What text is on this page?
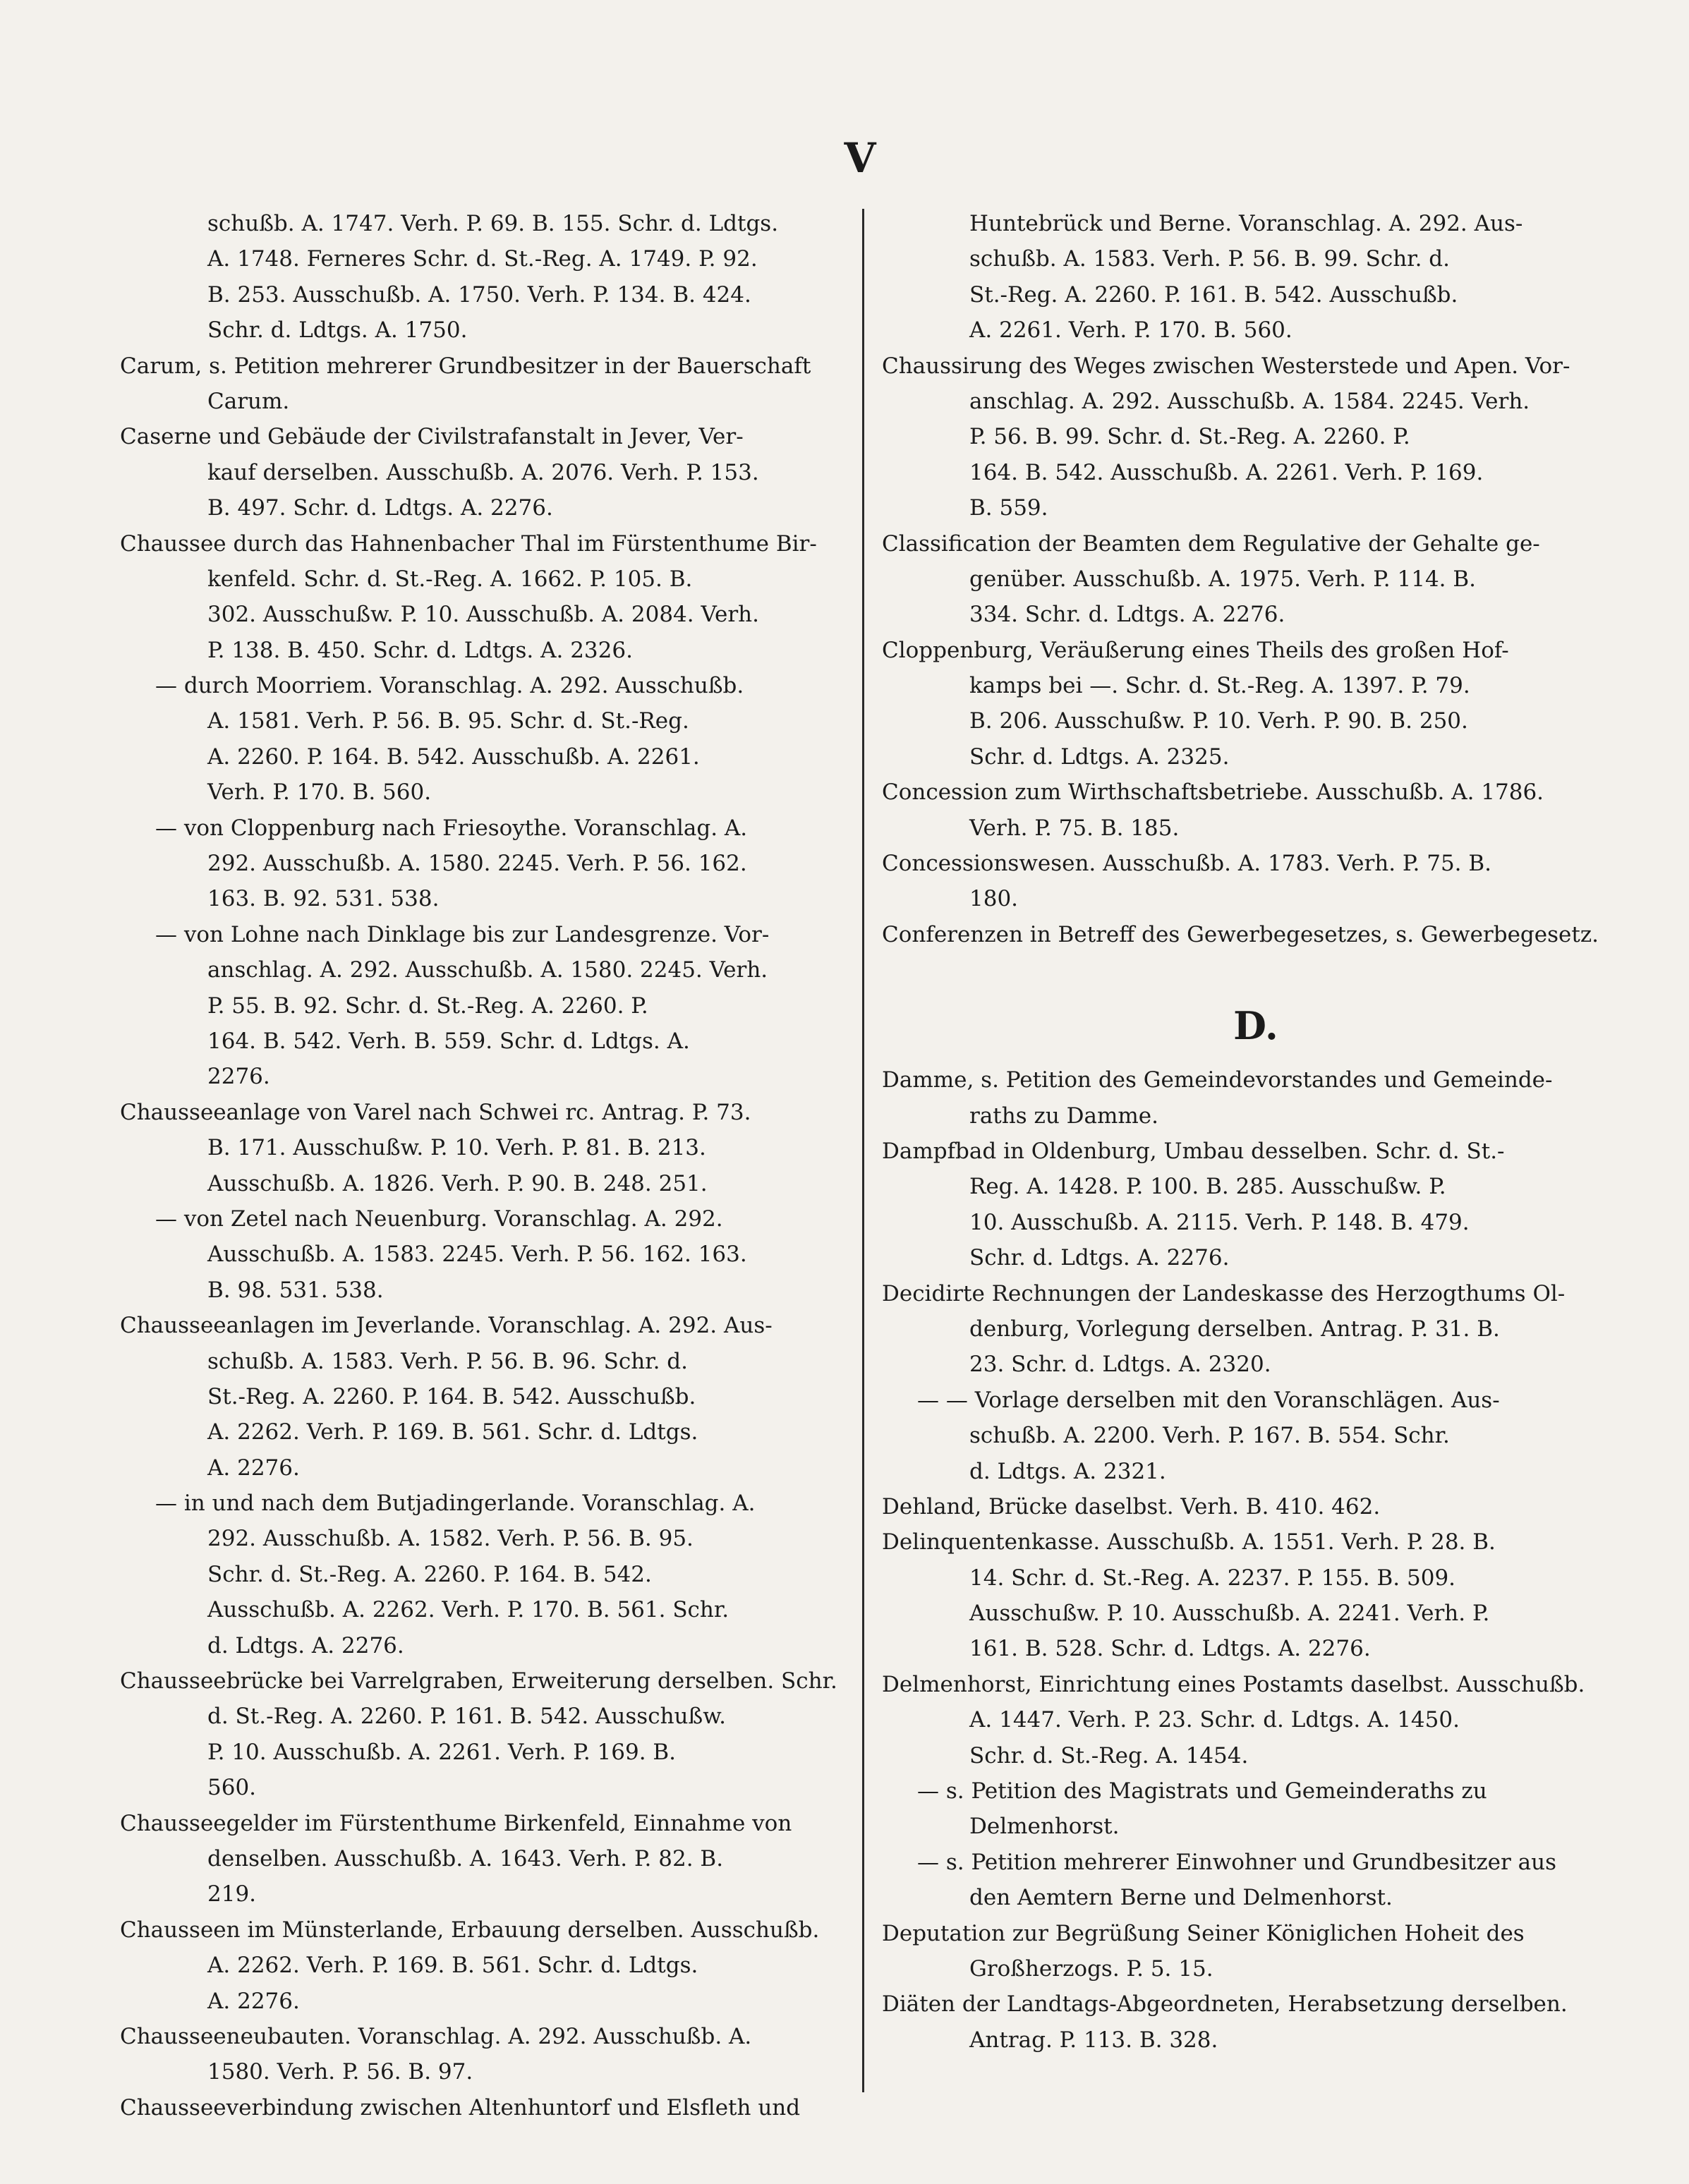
V
schußb. A. 1747. Verh. P. 69. B. 155. Schr. d. Ldtgs.
A. 1748. Ferneres Schr. d. St.-Reg. A. 1749. P. 92.
B. 253. Ausschußb. A. 1750. Verh. P. 134. B. 424.
Schr. d. Ldtgs. A. 1750.
Carum, s. Petition mehrerer Grundbesitzer in der Bauerschaft
Carum.
Caserne und Gebäude der Civilstrafanstalt in Jever, Ver-
kauf derselben. Ausschußb. A. 2076. Verh. P. 153.
B. 497. Schr. d. Ldtgs. A. 2276.
Chaussee durch das Hahnenbacher Thal im Fürstenthume Bir-
kenfeld. Schr. d. St.-Reg. A. 1662. P. 105. B.
302. Ausschußw. P. 10. Ausschußb. A. 2084. Verh.
P. 138. B. 450. Schr. d. Ldtgs. A. 2326.
— durch Moorriem. Voranschlag. A. 292. Ausschußb.
A. 1581. Verh. P. 56. B. 95. Schr. d. St.-Reg.
A. 2260. P. 164. B. 542. Ausschußb. A. 2261.
Verh. P. 170. B. 560.
— von Cloppenburg nach Friesoythe. Voranschlag. A.
292. Ausschußb. A. 1580. 2245. Verh. P. 56. 162.
163. B. 92. 531. 538.
— von Lohne nach Dinklage bis zur Landesgrenze. Vor-
anschlag. A. 292. Ausschußb. A. 1580. 2245. Verh.
P. 55. B. 92. Schr. d. St.-Reg. A. 2260. P.
164. B. 542. Verh. B. 559. Schr. d. Ldtgs. A.
2276.
Chausseeanlage von Varel nach Schwei rc. Antrag. P. 73.
B. 171. Ausschußw. P. 10. Verh. P. 81. B. 213.
Ausschußb. A. 1826. Verh. P. 90. B. 248. 251.
— von Zetel nach Neuenburg. Voranschlag. A. 292.
Ausschußb. A. 1583. 2245. Verh. P. 56. 162. 163.
B. 98. 531. 538.
Chausseeanlagen im Jeverlande. Voranschlag. A. 292. Aus-
schußb. A. 1583. Verh. P. 56. B. 96. Schr. d.
St.-Reg. A. 2260. P. 164. B. 542. Ausschußb.
A. 2262. Verh. P. 169. B. 561. Schr. d. Ldtgs.
A. 2276.
— in und nach dem Butjadingerlande. Voranschlag. A.
292. Ausschußb. A. 1582. Verh. P. 56. B. 95.
Schr. d. St.-Reg. A. 2260. P. 164. B. 542.
Ausschußb. A. 2262. Verh. P. 170. B. 561. Schr.
d. Ldtgs. A. 2276.
Chausseebrücke bei Varrelgraben, Erweiterung derselben. Schr.
d. St.-Reg. A. 2260. P. 161. B. 542. Ausschußw.
P. 10. Ausschußb. A. 2261. Verh. P. 169. B.
560.
Chausseegelder im Fürstenthume Birkenfeld, Einnahme von
denselben. Ausschußb. A. 1643. Verh. P. 82. B.
219.
Chausseen im Münsterlande, Erbauung derselben. Ausschußb.
A. 2262. Verh. P. 169. B. 561. Schr. d. Ldtgs.
A. 2276.
Chausseeneubauten. Voranschlag. A. 292. Ausschußb. A.
1580. Verh. P. 56. B. 97.
Chausseeverbindung zwischen Altenhuntorf und Elsfleth und
Huntebrück und Berne. Voranschlag. A. 292. Aus-
schußb. A. 1583. Verh. P. 56. B. 99. Schr. d.
St.-Reg. A. 2260. P. 161. B. 542. Ausschußb.
A. 2261. Verh. P. 170. B. 560.
Chaussirung des Weges zwischen Westerstede und Apen. Vor-
anschlag. A. 292. Ausschußb. A. 1584. 2245. Verh.
P. 56. B. 99. Schr. d. St.-Reg. A. 2260. P.
164. B. 542. Ausschußb. A. 2261. Verh. P. 169.
B. 559.
Classification der Beamten dem Regulative der Gehalte ge-
genüber. Ausschußb. A. 1975. Verh. P. 114. B.
334. Schr. d. Ldtgs. A. 2276.
Cloppenburg, Veräußerung eines Theils des großen Hof-
kamps bei —. Schr. d. St.-Reg. A. 1397. P. 79.
B. 206. Ausschußw. P. 10. Verh. P. 90. B. 250.
Schr. d. Ldtgs. A. 2325.
Concession zum Wirthschaftsbetriebe. Ausschußb. A. 1786.
Verh. P. 75. B. 185.
Concessionswesen. Ausschußb. A. 1783. Verh. P. 75. B.
180.
Conferenzen in Betreff des Gewerbegesetzes, s. Gewerbegesetz.
D.
Damme, s. Petition des Gemeindevorstandes und Gemeinde-
raths zu Damme.
Dampfbad in Oldenburg, Umbau desselben. Schr. d. St.-
Reg. A. 1428. P. 100. B. 285. Ausschußw. P.
10. Ausschußb. A. 2115. Verh. P. 148. B. 479.
Schr. d. Ldtgs. A. 2276.
Decidirte Rechnungen der Landeskasse des Herzogthums Ol-
denburg, Vorlegung derselben. Antrag. P. 31. B.
23. Schr. d. Ldtgs. A. 2320.
— — Vorlage derselben mit den Voranschlägen. Aus-
schußb. A. 2200. Verh. P. 167. B. 554. Schr.
d. Ldtgs. A. 2321.
Dehland, Brücke daselbst. Verh. B. 410. 462.
Delinquentenkasse. Ausschußb. A. 1551. Verh. P. 28. B.
14. Schr. d. St.-Reg. A. 2237. P. 155. B. 509.
Ausschußw. P. 10. Ausschußb. A. 2241. Verh. P.
161. B. 528. Schr. d. Ldtgs. A. 2276.
Delmenhorst, Einrichtung eines Postamts daselbst. Ausschußb.
A. 1447. Verh. P. 23. Schr. d. Ldtgs. A. 1450.
Schr. d. St.-Reg. A. 1454.
— s. Petition des Magistrats und Gemeinderaths zu
Delmenhorst.
— s. Petition mehrerer Einwohner und Grundbesitzer aus
den Aemtern Berne und Delmenhorst.
Deputation zur Begrüßung Seiner Königlichen Hoheit des
Großherzogs. P. 5. 15.
Diäten der Landtags-Abgeordneten, Herabsetzung derselben.
Antrag. P. 113. B. 328.
